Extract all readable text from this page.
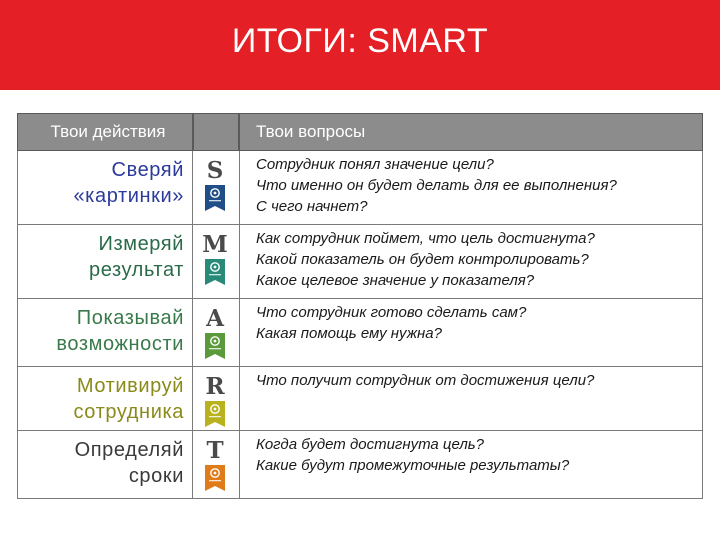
ИТОГИ: SMART
Твои действия	Твои вопросы
Сверяй
«картинки»
S	Сотрудник понял значение цели?
Что именно он будет делать для ее выполнения?
С чего начнет?
Измеряй
результат
M Как сотрудник поймет, что цель достигнута?
Какой показатель он будет контролировать?
Какое целевое значение у показателя?
Показывай
возможности
A Что сотрудник готово сделать сам?
Какая помощь ему нужна?
Мотивируй
сотрудника
R Что получит сотрудник от достижения цели?
Определяй
сроки
T Когда будет достигнута цель?
Какие будут промежуточные результаты?
